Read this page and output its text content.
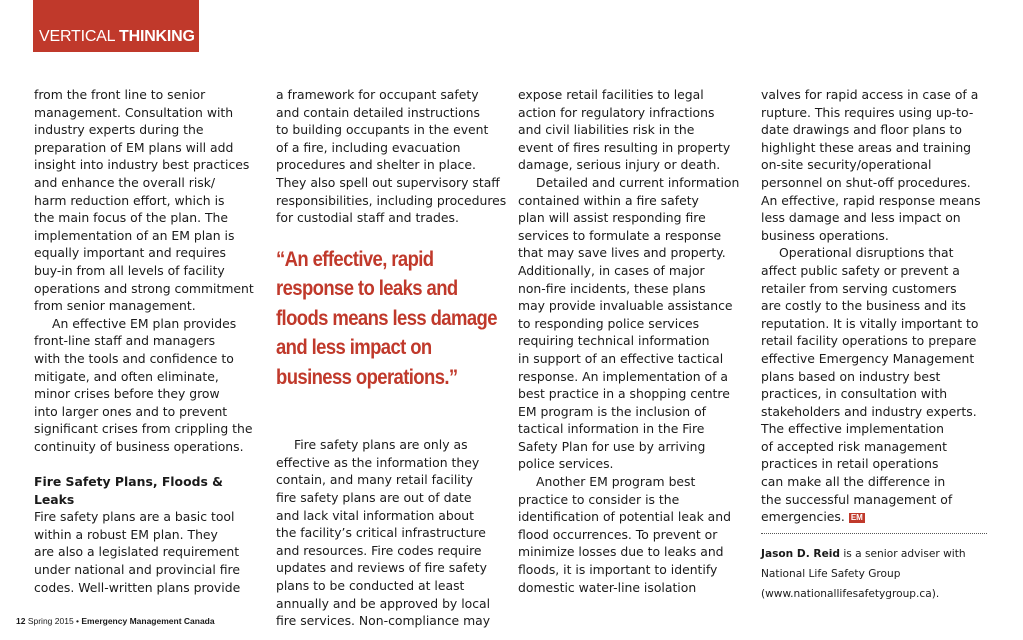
VERTICAL THINKING
from the front line to senior
management. Consultation with
industry experts during the
preparation of EM plans will add
insight into industry best practices
and enhance the overall risk/
harm reduction effort, which is
the main focus of the plan. The
implementation of an EM plan is
equally important and requires
buy-in from all levels of facility
operations and strong commitment
from senior management.
An effective EM plan provides
front-line staff and managers
with the tools and confidence to
mitigate, and often eliminate,
minor crises before they grow
into larger ones and to prevent
significant crises from crippling the
continuity of business operations.
Fire Safety Plans, Floods &
Leaks
Fire safety plans are a basic tool
within a robust EM plan. They
are also a legislated requirement
under national and provincial fire
codes. Well-written plans provide
a framework for occupant safety
and contain detailed instructions
to building occupants in the event
of a fire, including evacuation
procedures and shelter in place.
They also spell out supervisory staff
responsibilities, including procedures
for custodial staff and trades.
“An effective, rapid
response to leaks and
floods means less damage
and less impact on
business operations.”
Fire safety plans are only as
effective as the information they
contain, and many retail facility
fire safety plans are out of date
and lack vital information about
the facility’s critical infrastructure
and resources. Fire codes require
updates and reviews of fire safety
plans to be conducted at least
annually and be approved by local
fire services. Non-compliance may
expose retail facilities to legal
action for regulatory infractions
and civil liabilities risk in the
event of fires resulting in property
damage, serious injury or death.
Detailed and current information
contained within a fire safety
plan will assist responding fire
services to formulate a response
that may save lives and property.
Additionally, in cases of major
non-fire incidents, these plans
may provide invaluable assistance
to responding police services
requiring technical information
in support of an effective tactical
response. An implementation of a
best practice in a shopping centre
EM program is the inclusion of
tactical information in the Fire
Safety Plan for use by arriving
police services.
Another EM program best
practice to consider is the
identification of potential leak and
flood occurrences. To prevent or
minimize losses due to leaks and
floods, it is important to identify
domestic water-line isolation
valves for rapid access in case of a
rupture. This requires using up-to-
date drawings and floor plans to
highlight these areas and training
on-site security/operational
personnel on shut-off procedures.
An effective, rapid response means
less damage and less impact on
business operations.
Operational disruptions that
affect public safety or prevent a
retailer from serving customers
are costly to the business and its
reputation. It is vitally important to
retail facility operations to prepare
effective Emergency Management
plans based on industry best
practices, in consultation with
stakeholders and industry experts.
The effective implementation
of accepted risk management
practices in retail operations
can make all the difference in
the successful management of
emergencies. EM
Jason D. Reid is a senior adviser with
National Life Safety Group
(www.nationallifesafetygroup.ca).
12 Spring 2015 • Emergency Management Canada
